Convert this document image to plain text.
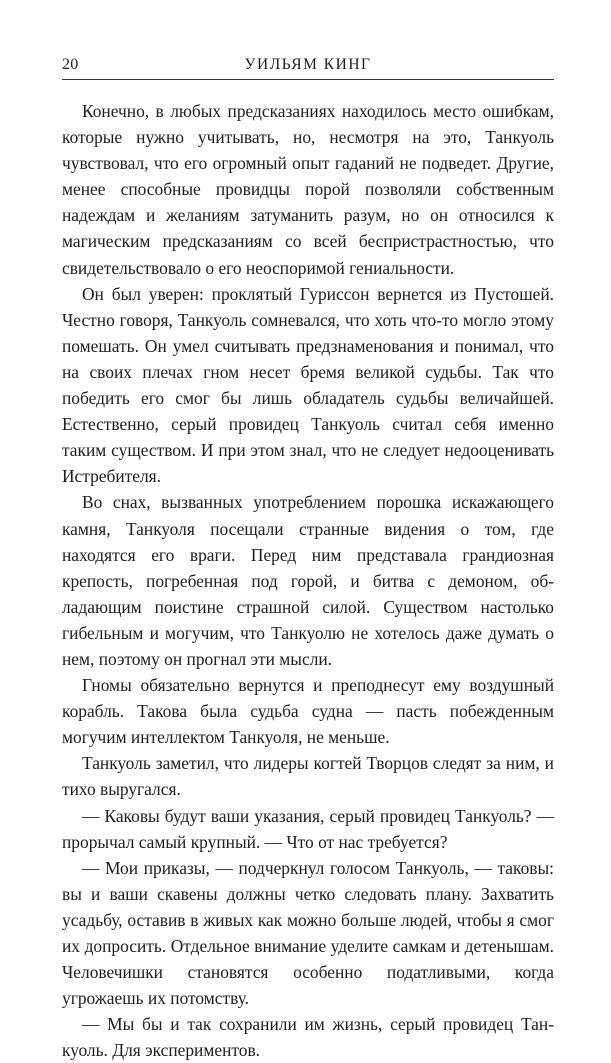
20	УИЛЬЯМ КИНГ

Конечно, в любых предсказаниях находилось место ошибкам, которые нужно учитывать, но, несмотря на это, Танкуоль чувствовал, что его огромный опыт гаданий не подведет. Другие, менее способные провидцы порой позволяли собственным надеждам и желаниям затуманить разум, но он относился к магическим предсказаниям со всей беспристрастностью, что свидетельствовало о его неоспоримой гениальности.

Он был уверен: проклятый Гуриссон вернется из Пустошей. Честно говоря, Танкуоль сомневался, что хоть что-то могло этому помешать. Он умел считывать предзнаменования и понимал, что на своих плечах гном несет бремя великой судьбы. Так что победить его смог бы лишь обладатель судьбы величайшей. Естественно, серый провидец Танкуоль считал себя именно таким существом. И при этом знал, что не следует недооценивать Истребителя.

Во снах, вызванных употреблением порошка искажающего камня, Танкуоля посещали странные видения о том, где находятся его враги. Перед ним представала грандиозная крепость, погребенная под горой, и битва с демоном, обладающим поистине страшной силой. Существом настолько гибельным и могучим, что Танкуолю не хотелось даже думать о нем, поэтому он прогнал эти мысли.

Гномы обязательно вернутся и преподнесут ему воздушный корабль. Такова была судьба судна — пасть побежденным могучим интеллектом Танкуоля, не меньше.

Танкуоль заметил, что лидеры когтей Творцов следят за ним, и тихо выругался.

— Каковы будут ваши указания, серый провидец Танкуоль? — прорычал самый крупный. — Что от нас требуется?

— Мои приказы, — подчеркнул голосом Танкуоль, — таковы: вы и ваши скавены должны четко следовать плану. Захватить усадьбу, оставив в живых как можно больше людей, чтобы я смог их допросить. Отдельное внимание уделите самкам и детенышам. Человечишки становятся особенно податливыми, когда угрожаешь их потомству.

— Мы бы и так сохранили им жизнь, серый провидец Танкуоль. Для экспериментов.
